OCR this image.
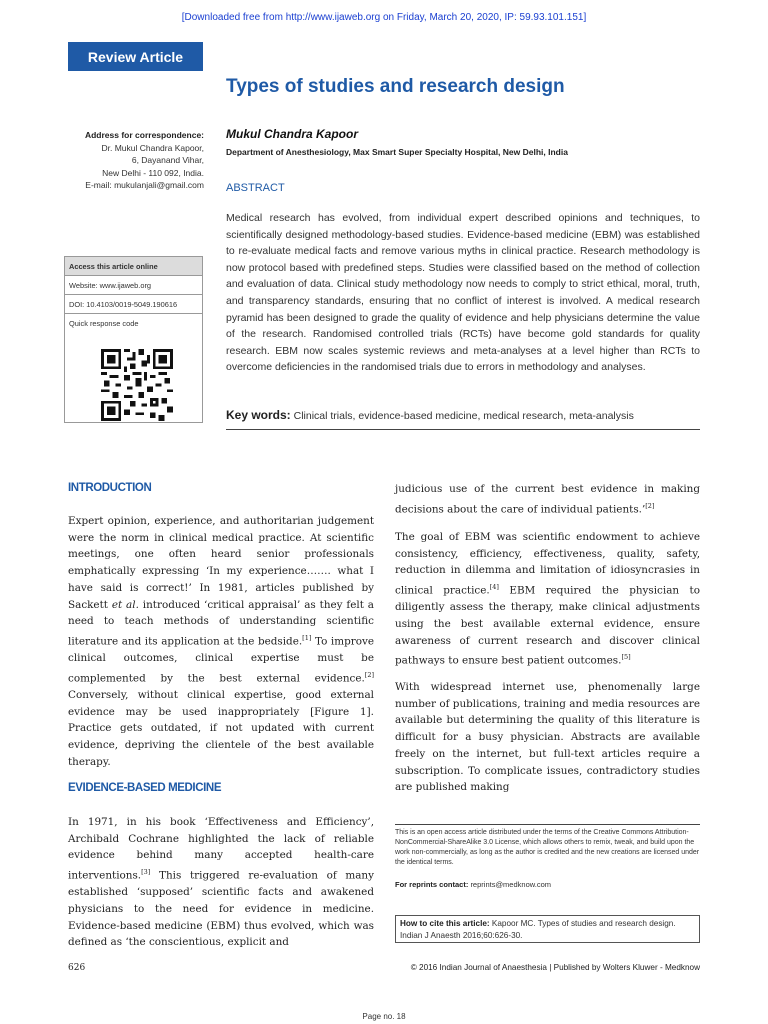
[Downloaded free from http://www.ijaweb.org on Friday, March 20, 2020, IP: 59.93.101.151]
Review Article
Types of studies and research design
Address for correspondence:
Dr. Mukul Chandra Kapoor,
6, Dayanand Vihar,
New Delhi - 110 092, India.
E-mail: mukulanjali@gmail.com
Mukul Chandra Kapoor
Department of Anesthesiology, Max Smart Super Specialty Hospital, New Delhi, India
ABSTRACT
Medical research has evolved, from individual expert described opinions and techniques, to scientifically designed methodology-based studies. Evidence-based medicine (EBM) was established to re-evaluate medical facts and remove various myths in clinical practice. Research methodology is now protocol based with predefined steps. Studies were classified based on the method of collection and evaluation of data. Clinical study methodology now needs to comply to strict ethical, moral, truth, and transparency standards, ensuring that no conflict of interest is involved. A medical research pyramid has been designed to grade the quality of evidence and help physicians determine the value of the research. Randomised controlled trials (RCTs) have become gold standards for quality research. EBM now scales systemic reviews and meta-analyses at a level higher than RCTs to overcome deficiencies in the randomised trials due to errors in methodology and analyses.
Access this article online
Website: www.ijaweb.org
DOI: 10.4103/0019-5049.190616
Quick response code
Key words: Clinical trials, evidence-based medicine, medical research, meta-analysis
INTRODUCTION
Expert opinion, experience, and authoritarian judgement were the norm in clinical medical practice. At scientific meetings, one often heard senior professionals emphatically expressing ‘In my experience……. what I have said is correct!’ In 1981, articles published by Sackett et al. introduced ‘critical appraisal’ as they felt a need to teach methods of understanding scientific literature and its application at the bedside.[1] To improve clinical outcomes, clinical expertise must be complemented by the best external evidence.[2] Conversely, without clinical expertise, good external evidence may be used inappropriately [Figure 1]. Practice gets outdated, if not updated with current evidence, depriving the clientele of the best available therapy.
EVIDENCE-BASED MEDICINE
In 1971, in his book ‘Effectiveness and Efficiency’, Archibald Cochrane highlighted the lack of reliable evidence behind many accepted health-care interventions.[3] This triggered re-evaluation of many established ‘supposed’ scientific facts and awakened physicians to the need for evidence in medicine. Evidence-based medicine (EBM) thus evolved, which was defined as ‘the conscientious, explicit and
judicious use of the current best evidence in making decisions about the care of individual patients.’[2]
The goal of EBM was scientific endowment to achieve consistency, efficiency, effectiveness, quality, safety, reduction in dilemma and limitation of idiosyncrasies in clinical practice.[4] EBM required the physician to diligently assess the therapy, make clinical adjustments using the best available external evidence, ensure awareness of current research and discover clinical pathways to ensure best patient outcomes.[5]
With widespread internet use, phenomenally large number of publications, training and media resources are available but determining the quality of this literature is difficult for a busy physician. Abstracts are available freely on the internet, but full-text articles require a subscription. To complicate issues, contradictory studies are published making
This is an open access article distributed under the terms of the Creative Commons Attribution-NonCommercial-ShareAlike 3.0 License, which allows others to remix, tweak, and build upon the work non-commercially, as long as the author is credited and the new creations are licensed under the identical terms.
For reprints contact: reprints@medknow.com
How to cite this article: Kapoor MC. Types of studies and research design. Indian J Anaesth 2016;60:626-30.
626	© 2016 Indian Journal of Anaesthesia | Published by Wolters Kluwer - Medknow
Page no. 18
